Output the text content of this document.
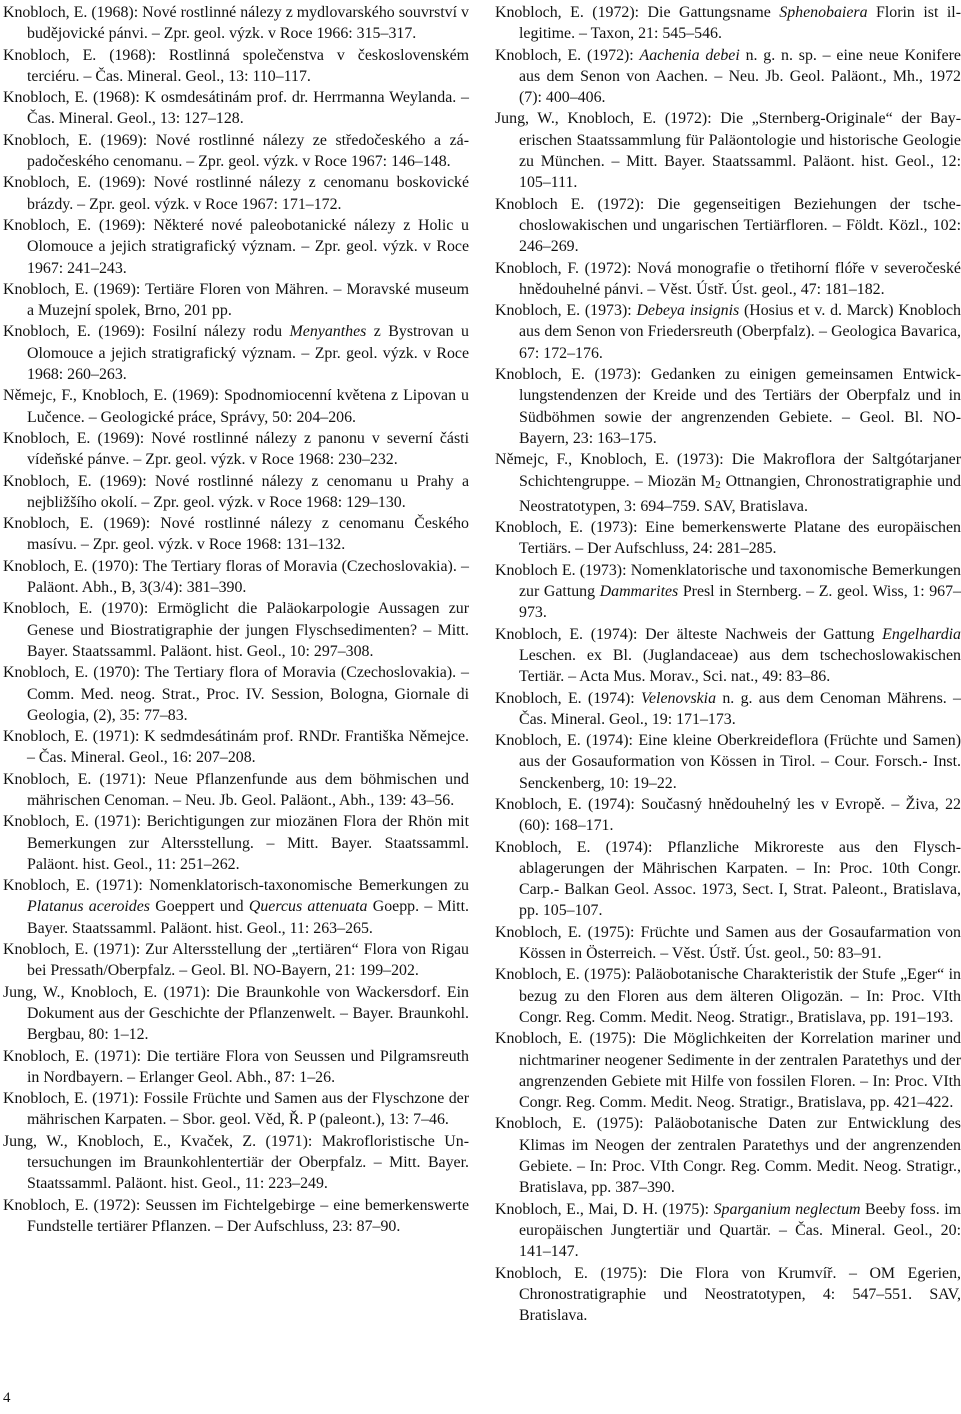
Knobloch, E. (1968): Nové rostlinné nálezy z mydlovarského souvrství v budějovické pánvi. – Zpr. geol. výzk. v Roce 1966: 315–317.

Knobloch, E. (1968): Rostlinná společenstva v československém terciéru. – Čas. Mineral. Geol., 13: 110–117.

Knobloch, E. (1968): K osmdesátinám prof. dr. Herrmanna Weylanda. – Čas. Mineral. Geol., 13: 127–128.

Knobloch, E. (1969): Nové rostlinné nálezy ze středočeského a západočeského cenomanu. – Zpr. geol. výzk. v Roce 1967: 146–148.

Knobloch, E. (1969): Nové rostlinné nálezy z cenomanu boskovické brázdy. – Zpr. geol. výzk. v Roce 1967: 171–172.

Knobloch, E. (1969): Některé nové paleobotanické nálezy z Holic u Olomouce a jejich stratigrafický význam. – Zpr. geol. výzk. v Roce 1967: 241–243.

Knobloch, E. (1969): Tertiäre Floren von Mähren. – Moravské museum a Muzejní spolek, Brno, 201 pp.

Knobloch, E. (1969): Fosilní nálezy rodu Menyanthes z Bystrovan u Olomouce a jejich stratigrafický význam. – Zpr. geol. výzk. v Roce 1968: 260–263.

Němejc, F., Knobloch, E. (1969): Spodnomiocenní květena z Lipovan u Lučence. – Geologické práce, Správy, 50: 204–206.

Knobloch, E. (1969): Nové rostlinné nálezy z panonu v severní části vídeňské pánve. – Zpr. geol. výzk. v Roce 1968: 230–232.

Knobloch, E. (1969): Nové rostlinné nálezy z cenomanu u Prahy a nejbližšího okolí. – Zpr. geol. výzk. v Roce 1968: 129–130.

Knobloch, E. (1969): Nové rostlinné nálezy z cenomanu Českého masívu. – Zpr. geol. výzk. v Roce 1968: 131–132.

Knobloch, E. (1970): The Tertiary floras of Moravia (Czechoslovakia). – Paläont. Abh., B, 3(3/4): 381–390.

Knobloch, E. (1970): Ermöglicht die Paläokarpologie Aussagen zur Genese und Biostratigraphie der jungen Flyschsedimenten? – Mitt. Bayer. Staatssamml. Paläont. hist. Geol., 10: 297–308.

Knobloch, E. (1970): The Tertiary flora of Moravia (Czechoslovakia). – Comm. Med. neog. Strat., Proc. IV. Session, Bologna, Giornale di Geologia, (2), 35: 77–83.

Knobloch, E. (1971): K sedmdesátinám prof. RNDr. Františka Němejce. – Čas. Mineral. Geol., 16: 207–208.

Knobloch, E. (1971): Neue Pflanzenfunde aus dem böhmischen und mährischen Cenoman. – Neu. Jb. Geol. Paläont., Abh., 139: 43–56.

Knobloch, E. (1971): Berichtigungen zur miozänen Flora der Rhön mit Bemerkungen zur Altersstellung. – Mitt. Bayer. Staatssamml. Paläont. hist. Geol., 11: 251–262.

Knobloch, E. (1971): Nomenklatorisch-taxonomische Bemerkungen zu Platanus aceroides Goeppert und Quercus attenuata Goepp. – Mitt. Bayer. Staatssamml. Paläont. hist. Geol., 11: 263–265.

Knobloch, E. (1971): Zur Altersstellung der „tertiären“ Flora von Rigau bei Pressath/Oberpfalz. – Geol. Bl. NO-Bayern, 21: 199–202.

Jung, W., Knobloch, E. (1971): Die Braunkohle von Wackersdorf. Ein Dokument aus der Geschichte der Pflanzenwelt. – Bayer. Braunkohl. Bergbau, 80: 1–12.

Knobloch, E. (1971): Die tertiäre Flora von Seussen und Pilgramsreuth in Nordbayern. – Erlanger Geol. Abh., 87: 1–26.

Knobloch, E. (1971): Fossile Früchte und Samen aus der Flyschzone der mährischen Karpaten. – Sbor. geol. Věd, Ř. P (paleont.), 13: 7–46.

Jung, W., Knobloch, E., Kvaček, Z. (1971): Makrofloristische Untersuchungen im Braunkohlentertiär der Oberpfalz. – Mitt. Bayer. Staatssamml. Paläont. hist. Geol., 11: 223–249.

Knobloch, E. (1972): Seussen im Fichtelgebirge – eine bemerkenswerte Fundstelle tertiärer Pflanzen. – Der Aufschluss, 23: 87–90.

Knobloch, E. (1972): Die Gattungsname Sphenobaiera Florin ist illegitime. – Taxon, 21: 545–546.

Knobloch, E. (1972): Aachenia debei n. g. n. sp. – eine neue Konifere aus dem Senon von Aachen. – Neu. Jb. Geol. Paläont., Mh., 1972 (7): 400–406.

Jung, W., Knobloch, E. (1972): Die „Sternberg-Originale“ der Bayerischen Staatssammlung für Paläontologie und historische Geologie zu München. – Mitt. Bayer. Staatssamml. Paläont. hist. Geol., 12: 105–111.

Knobloch E. (1972): Die gegenseitigen Beziehungen der tschechoslowakischen und ungarischen Tertiärfloren. – Földt. Közl., 102: 246–269.

Knobloch, F. (1972): Nová monografie o třetihorní flóře v severočeské hnědouhelné pánvi. – Věst. Ústř. Úst. geol., 47: 181–182.

Knobloch, E. (1973): Debeya insignis (Hosius et v. d. Marck) Knobloch aus dem Senon von Friedersreuth (Oberpfalz). – Geologica Bavarica, 67: 172–176.

Knobloch, E. (1973): Gedanken zu einigen gemeinsamen Entwicklungstendenzen der Kreide und des Tertiärs der Oberpfalz und in Südböhmen sowie der angrenzenden Gebiete. – Geol. Bl. NO-Bayern, 23: 163–175.

Němejc, F., Knobloch, E. (1973): Die Makroflora der Saltgótarjaner Schichtengruppe. – Miozän $M_2$ Ottnangien, Chronostratigraphie und Neostratotypen, 3: 694–759. SAV, Bratislava.

Knobloch, E. (1973): Eine bemerkenswerte Platane des europäischen Tertiärs. – Der Aufschluss, 24: 281–285.

Knobloch E. (1973): Nomenklatorische und taxonomische Bemerkungen zur Gattung Dammarites Presl in Sternberg. – Z. geol. Wiss, 1: 967–973.

Knobloch, E. (1974): Der älteste Nachweis der Gattung Engelhardia Leschen. ex Bl. (Juglandaceae) aus dem tschechoslowakischen Tertiär. – Acta Mus. Morav., Sci. nat., 49: 83–86.

Knobloch, E. (1974): Velenovskia n. g. aus dem Cenoman Mährens. – Čas. Mineral. Geol., 19: 171–173.

Knobloch, E. (1974): Eine kleine Oberkreideflora (Früchte und Samen) aus der Gosauformation von Kössen in Tirol. – Cour. Forsch.- Inst. Senckenberg, 10: 19–22.

Knobloch, E. (1974): Současný hnědouhelný les v Evropě. – Živa, 22 (60): 168–171.

Knobloch, E. (1974): Pflanzliche Mikroreste aus den Flyschablagerungen der Mährischen Karpaten. – In: Proc. 10th Congr. Carp.- Balkan Geol. Assoc. 1973, Sect. I, Strat. Paleont., Bratislava, pp. 105–107.

Knobloch, E. (1975): Früchte und Samen aus der Gosaufarmation von Kössen in Österreich. – Věst. Ústř. Úst. geol., 50: 83–91.

Knobloch, E. (1975): Paläobotanische Charakteristik der Stufe „Eger“ in bezug zu den Floren aus dem älteren Oligozän. – In: Proc. VIth Congr. Reg. Comm. Medit. Neog. Stratigr., Bratislava, pp. 191–193.

Knobloch, E. (1975): Die Möglichkeiten der Korrelation mariner und nichtmariner neogener Sedimente in der zentralen Paratethys und der angrenzenden Gebiete mit Hilfe von fossilen Floren. – In: Proc. VIth Congr. Reg. Comm. Medit. Neog. Stratigr., Bratislava, pp. 421–422.

Knobloch, E. (1975): Paläobotanische Daten zur Entwicklung des Klimas im Neogen der zentralen Paratethys und der angrenzenden Gebiete. – In: Proc. VIth Congr. Reg. Comm. Medit. Neog. Stratigr., Bratislava, pp. 387–390.

Knobloch, E., Mai, D. H. (1975): Sparganium neglectum Beeby foss. im europäischen Jungtertiär und Quartär. – Čas. Mineral. Geol., 20: 141–147.

Knobloch, E. (1975): Die Flora von Krumvíř. – OM Egerien, Chronostratigraphie und Neostratotypen, 4: 547–551. SAV, Bratislava.

4
